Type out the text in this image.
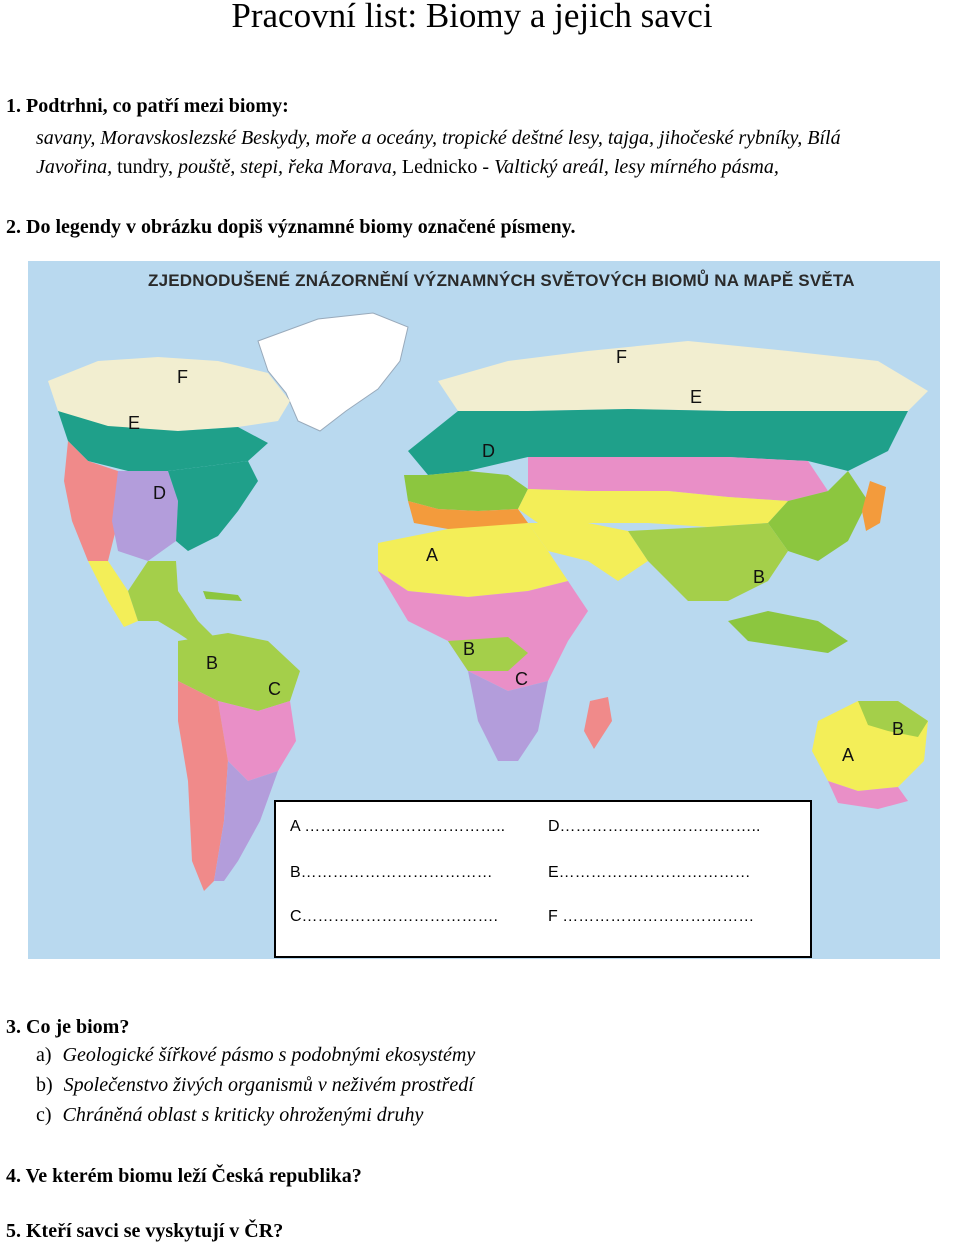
Pracovní list: Biomy a jejich savci
1. Podtrhni, co patří mezi biomy:
savany, Moravskoslezské Beskydy, moře a oceány, tropické deštné lesy, tajga, jihočeské rybníky, Bílá
Javořina, tundry, pouště, stepi, řeka Morava, Lednicko - Valtický areál, lesy mírného pásma,
2. Do legendy v obrázku dopiš významné biomy označené písmeny.
ZJEDNODUŠENÉ ZNÁZORNĚNÍ VÝZNAMNÝCH SVĚTOVÝCH BIOMŮ NA MAPĚ SVĚTA
E
F
D
F
E
D
A
B
B
C
B
C
B
A
A ………………………………..	D………………………………..
B………………………………	E………………………………
C……………………………….	F ………………………………
3. Co je biom?
a) Geologické šířkové pásmo s podobnými ekosystémy
b) Společenstvo živých organismů v neživém prostředí
c) Chráněná oblast s kriticky ohroženými druhy
4. Ve kterém biomu leží Česká republika?
5. Kteří savci se vyskytují v ČR?
